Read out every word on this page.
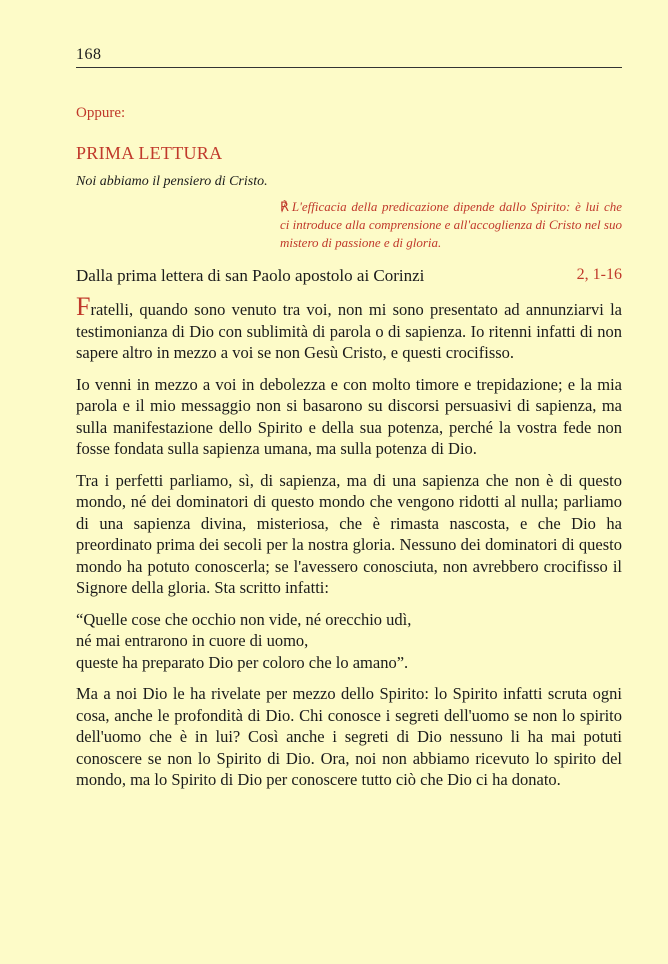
168
Oppure:
PRIMA LETTURA
Noi abbiamo il pensiero di Cristo.
℟ L'efficacia della predicazione dipende dallo Spirito: è lui che ci introduce alla comprensione e all'accoglienza di Cristo nel suo mistero di passione e di gloria.
Dalla prima lettera di san Paolo apostolo ai Corinzi	2, 1-16

Fratelli, quando sono venuto tra voi, non mi sono presentato ad annunziarvi la testimonianza di Dio con sublimità di parola o di sapienza. Io ritenni infatti di non sapere altro in mezzo a voi se non Gesù Cristo, e questi crocifisso.

Io venni in mezzo a voi in debolezza e con molto timore e trepidazione; e la mia parola e il mio messaggio non si basarono su discorsi persuasivi di sapienza, ma sulla manifestazione dello Spirito e della sua potenza, perché la vostra fede non fosse fondata sulla sapienza umana, ma sulla potenza di Dio.

Tra i perfetti parliamo, sì, di sapienza, ma di una sapienza che non è di questo mondo, né dei dominatori di questo mondo che vengono ridotti al nulla; parliamo di una sapienza divina, misteriosa, che è rimasta nascosta, e che Dio ha preordinato prima dei secoli per la nostra gloria. Nessuno dei dominatori di questo mondo ha potuto conoscerla; se l'avessero conosciuta, non avrebbero crocifisso il Signore della gloria. Sta scritto infatti:

“Quelle cose che occhio non vide, né orecchio udì,
né mai entrarono in cuore di uomo,
queste ha preparato Dio per coloro che lo amano”.

Ma a noi Dio le ha rivelate per mezzo dello Spirito: lo Spirito infatti scruta ogni cosa, anche le profondità di Dio. Chi conosce i segreti dell'uomo se non lo spirito dell'uomo che è in lui? Così anche i segreti di Dio nessuno li ha mai potuti conoscere se non lo Spirito di Dio. Ora, noi non abbiamo ricevuto lo spirito del mondo, ma lo Spirito di Dio per conoscere tutto ciò che Dio ci ha donato.
